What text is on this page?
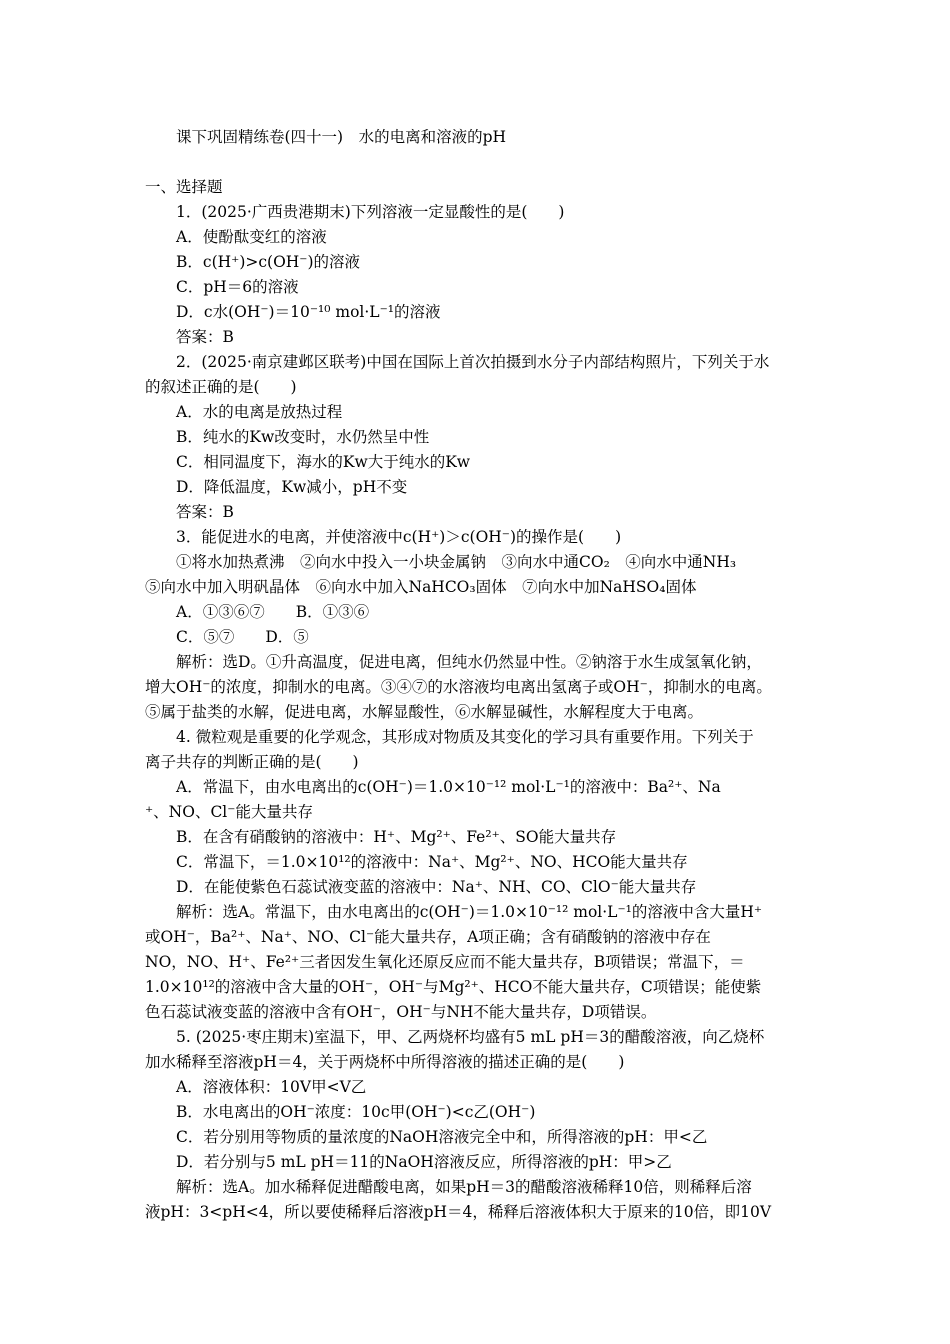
课下巩固精练卷(四十一)　水的电离和溶液的pH
一、选择题
1．(2025·广西贵港期末)下列溶液一定显酸性的是(　　)
A．使酚酞变红的溶液
B．c(H⁺)>c(OH⁻)的溶液
C．pH＝6的溶液
D．c水(OH⁻)＝10⁻¹⁰ mol·L⁻¹的溶液
答案：B
2．(2025·南京建邺区联考)中国在国际上首次拍摄到水分子内部结构照片，下列关于水
的叙述正确的是(　　)
A．水的电离是放热过程
B．纯水的Kw改变时，水仍然呈中性
C．相同温度下，海水的Kw大于纯水的Kw
D．降低温度，Kw减小，pH不变
答案：B
3．能促进水的电离，并使溶液中c(H⁺)＞c(OH⁻)的操作是(　　)
①将水加热煮沸　②向水中投入一小块金属钠　③向水中通CO₂　④向水中通NH₃
⑤向水中加入明矾晶体　⑥向水中加入NaHCO₃固体　⑦向水中加NaHSO₄固体
A．①③⑥⑦　　B．①③⑥
C．⑤⑦　　D．⑤
解析：选D。①升高温度，促进电离，但纯水仍然显中性。②钠溶于水生成氢氧化钠，
增大OH⁻的浓度，抑制水的电离。③④⑦的水溶液均电离出氢离子或OH⁻，抑制水的电离。
⑤属于盐类的水解，促进电离，水解显酸性，⑥水解显碱性，水解程度大于电离。
4. 微粒观是重要的化学观念，其形成对物质及其变化的学习具有重要作用。下列关于
离子共存的判断正确的是(　　)
A．常温下，由水电离出的c(OH⁻)＝1.0×10⁻¹² mol·L⁻¹的溶液中：Ba²⁺、Na
⁺、NO、Cl⁻能大量共存
B．在含有硝酸钠的溶液中：H⁺、Mg²⁺、Fe²⁺、SO能大量共存
C．常温下，＝1.0×10¹²的溶液中：Na⁺、Mg²⁺、NO、HCO能大量共存
D．在能使紫色石蕊试液变蓝的溶液中：Na⁺、NH、CO、ClO⁻能大量共存
解析：选A。常温下，由水电离出的c(OH⁻)＝1.0×10⁻¹² mol·L⁻¹的溶液中含大量H⁺
或OH⁻，Ba²⁺、Na⁺、NO、Cl⁻能大量共存，A项正确；含有硝酸钠的溶液中存在
NO，NO、H⁺、Fe²⁺三者因发生氧化还原反应而不能大量共存，B项错误；常温下，＝
1.0×10¹²的溶液中含大量的OH⁻，OH⁻与Mg²⁺、HCO不能大量共存，C项错误；能使紫
色石蕊试液变蓝的溶液中含有OH⁻，OH⁻与NH不能大量共存，D项错误。
5. (2025·枣庄期末)室温下，甲、乙两烧杯均盛有5 mL pH＝3的醋酸溶液，向乙烧杯
加水稀释至溶液pH＝4，关于两烧杯中所得溶液的描述正确的是(　　)
A．溶液体积：10V甲<V乙
B．水电离出的OH⁻浓度：10c甲(OH⁻)<c乙(OH⁻)
C．若分别用等物质的量浓度的NaOH溶液完全中和，所得溶液的pH：甲<乙
D．若分别与5 mL pH＝11的NaOH溶液反应，所得溶液的pH：甲>乙
解析：选A。加水稀释促进醋酸电离，如果pH＝3的醋酸溶液稀释10倍，则稀释后溶
液pH：3<pH<4，所以要使稀释后溶液pH＝4，稀释后溶液体积大于原来的10倍，即10V
